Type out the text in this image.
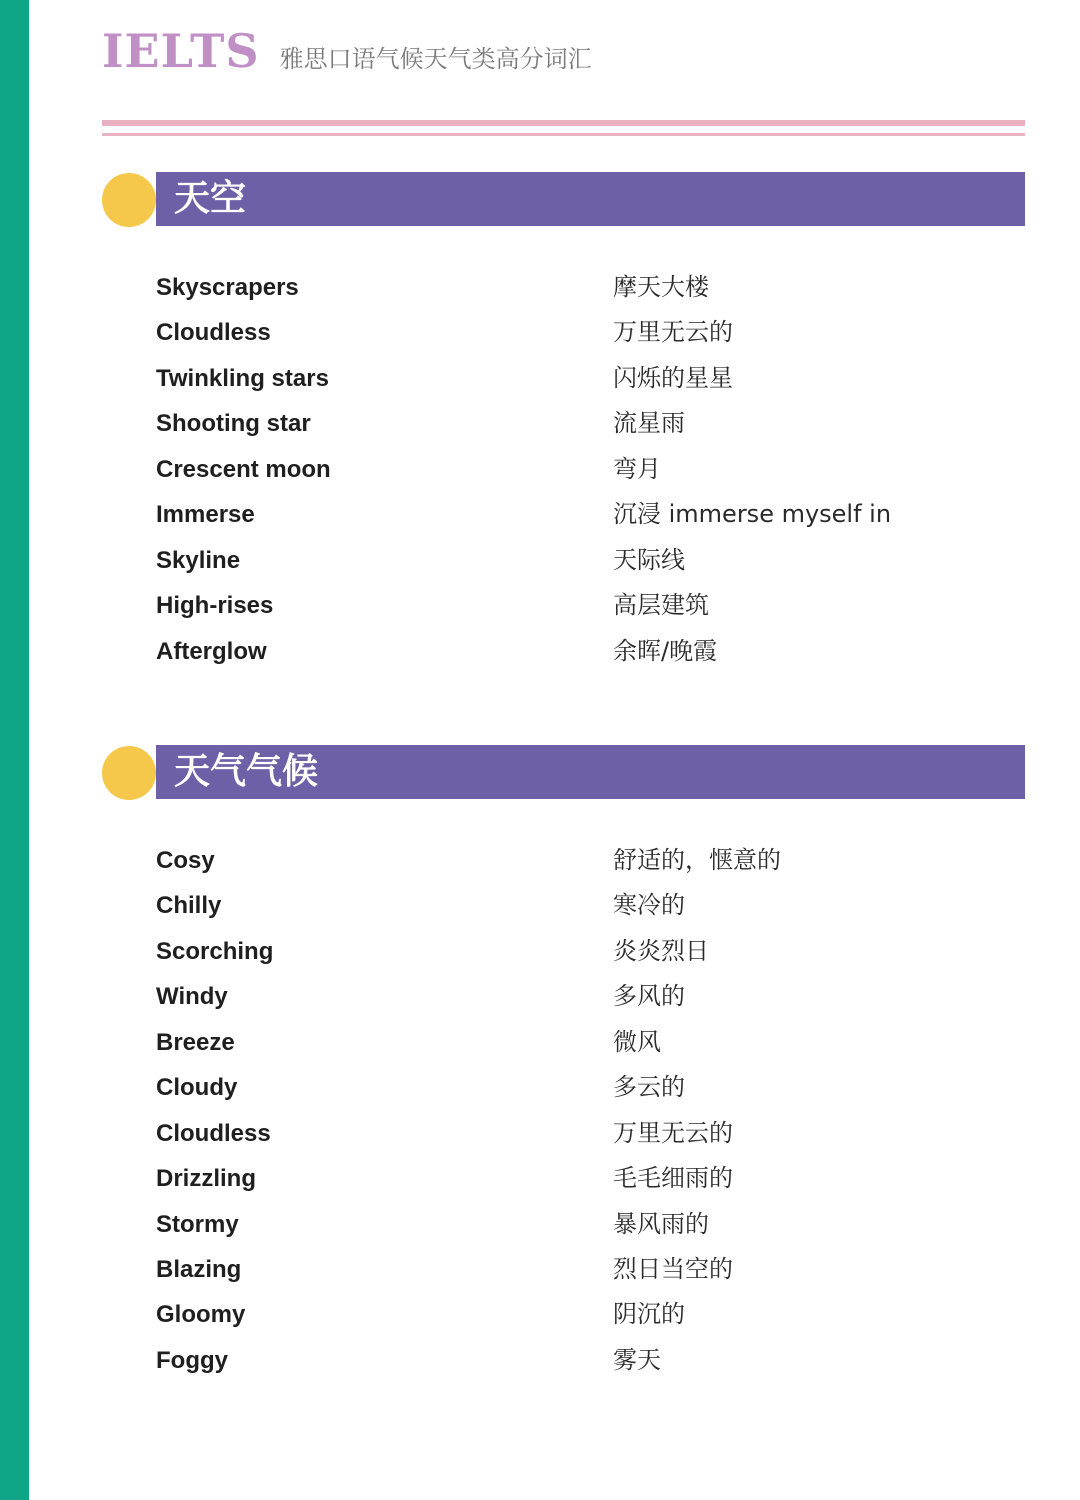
IELTS 雅思口语气候天气类高分词汇
天空
Skyscrapers	摩天大楼
Cloudless	万里无云的
Twinkling stars	闪烁的星星
Shooting star	流星雨
Crescent moon	弯月
Immerse	沉浸 immerse myself in
Skyline	天际线
High-rises	高层建筑
Afterglow	余晖/晚霞
天气气候
Cosy	舒适的，惬意的
Chilly	寒冷的
Scorching	炎炎烈日
Windy	多风的
Breeze	微风
Cloudy	多云的
Cloudless	万里无云的
Drizzling	毛毛细雨的
Stormy	暴风雨的
Blazing	烈日当空的
Gloomy	阴沉的
Foggy	雾天
